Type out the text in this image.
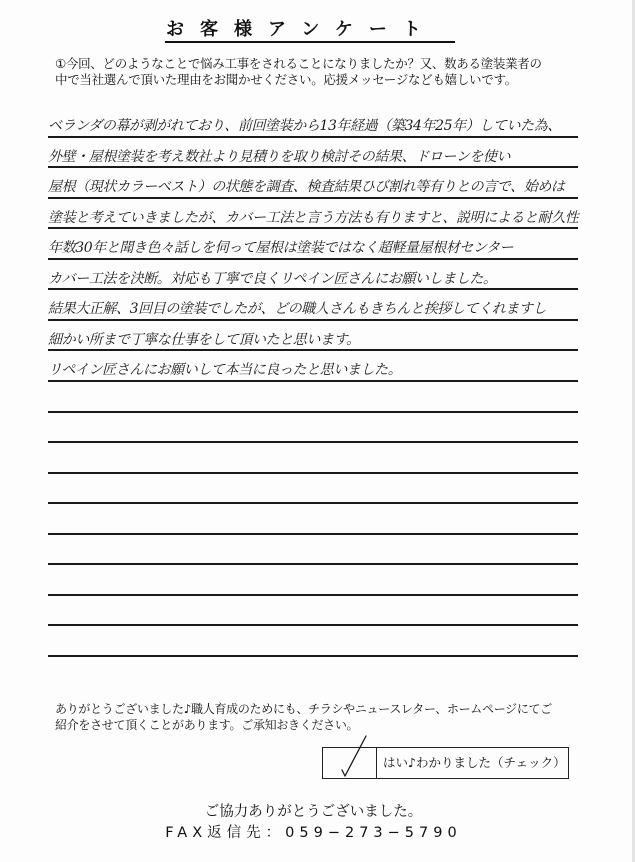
お客様アンケート
①今回、どのようなことで悩み工事をされることになりましたか？又、数ある塗装業者の
中で当社選んで頂いた理由をお聞かせください。応援メッセージなども嬉しいです。
ベランダの幕が剥がれており、前回塗装から13年経過（築34年25年）していた為、
外壁・屋根塗装を考え数社より見積りを取り検討その結果、ドローンを使い
屋根（現状カラーベスト）の状態を調査、検査結果ひび割れ等有りとの言で、始めは
塗装と考えていきましたが、カバー工法と言う方法も有りますと、説明によると耐久性
年数30年と聞き色々話しを伺って屋根は塗装ではなく超軽量屋根材センター
カバー工法を決断。対応も丁寧で良くリペイン匠さんにお願いしました。
結果大正解、3回目の塗装でしたが、どの職人さんもきちんと挨拶してくれますし
細かい所まで丁寧な仕事をして頂いたと思います。
リペイン匠さんにお願いして本当に良ったと思いました。
ありがとうございました♪職人育成のためにも、チラシやニュースレター、ホームページにてご
紹介をさせて頂くことがあります。ご承知おきください。
はい♪わかりました（チェック）
ご協力ありがとうございました。
FAX返信先：059−273−5790
